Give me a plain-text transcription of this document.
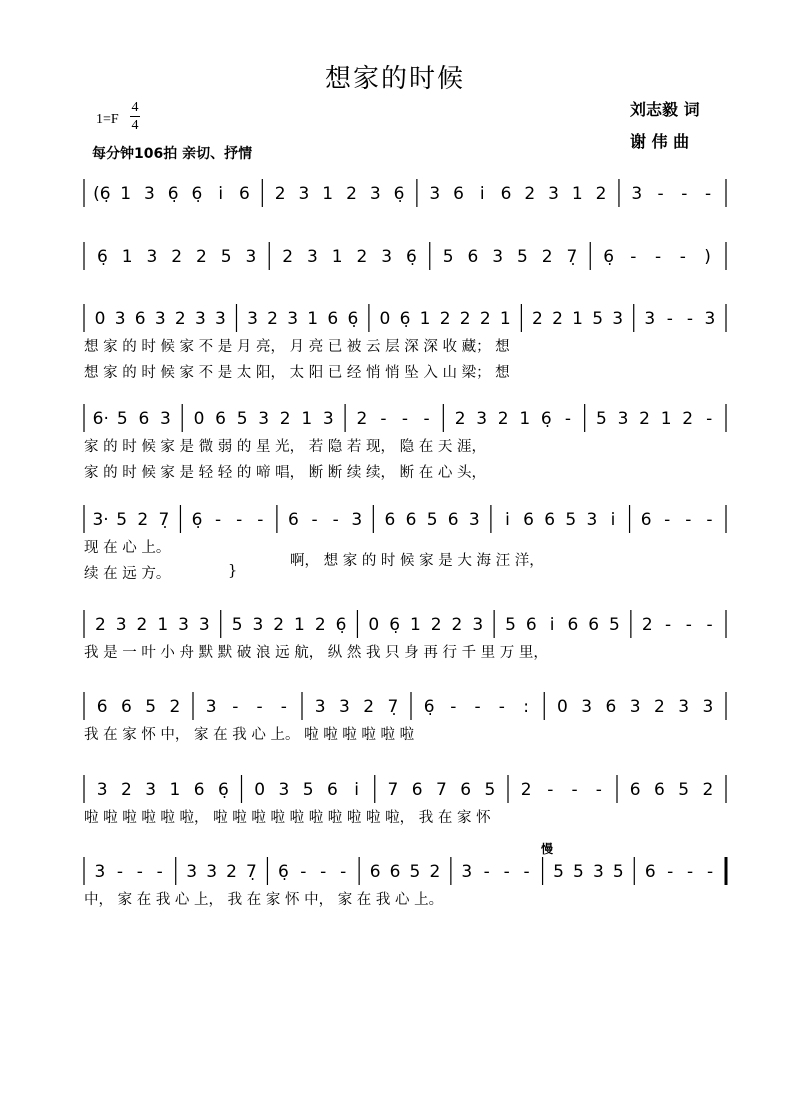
想家的时候
1=F
4
4
每分钟106拍 亲切、抒情
刘志毅 词
谢 伟 曲
慢
(6̣ 1 3 6̣ 6̣ i̇ 6 2 3 1 2 3 6̣ 3 6 i̇ 6 2 3 1 2 3 - - -
6̣ 1 3 2 2 5 3 2 3 1 2 3 6̣ 5 6 3 5 2 7̣ 6̣ - - - )
0 3 6 3 2 3 3 3 2 3 1 6 6̣ 0 6̣ 1 2 2 2 1 2 2 1 5 3 3 - - 3
想 家 的 时 候 家 不 是 月 亮， 月 亮 已 被 云 层 深 深 收 藏； 想
想 家 的 时 候 家 不 是 太 阳， 太 阳 已 经 悄 悄 坠 入 山 梁； 想
6· 5 6 3 0 6 5 3 2 1 3 2 - - - 2 3 2 1 6̣ - 5 3 2 1 2 -
家 的 时 候 家 是 微 弱 的 星 光， 若 隐 若 现， 隐 在 天 涯，
家 的 时 候 家 是 轻 轻 的 啼 唱， 断 断 续 续， 断 在 心 头，
3· 5 2 7̣ 6̣ - - - 6 - - 3 6 6 5 6 3 i̇ 6 6 5 3 i̇ 6 - - -
现 在 心 上。
续 在 远 方。
啊， 想 家 的 时 候 家 是 大 海 汪 洋，
}
2 3 2 1 3 3 5 3 2 1 2 6̣ 0 6̣ 1 2 2 3 5 6 i̇ 6 6 5 2 - - -
我 是 一 叶 小 舟 默 默 破 浪 远 航， 纵 然 我 只 身 再 行 千 里 万 里，
6 6 5 2 3 - - - 3 3 2 7̣ 6̣ - - - : 0 3 6 3 2 3 3
我 在 家 怀 中， 家 在 我 心 上。 啦 啦 啦 啦 啦 啦
3 2 3 1 6 6̣ 0 3 5 6 i̇ 7 6 7 6 5 2 - - - 6 6 5 2
啦 啦 啦 啦 啦 啦， 啦 啦 啦 啦 啦 啦 啦 啦 啦 啦， 我 在 家 怀
3 - - - 3 3 2 7̣ 6̣ - - - 6 6 5 2 3 - - - 5 5 3 5 6 - - -
中， 家 在 我 心 上， 我 在 家 怀 中， 家 在 我 心 上。
